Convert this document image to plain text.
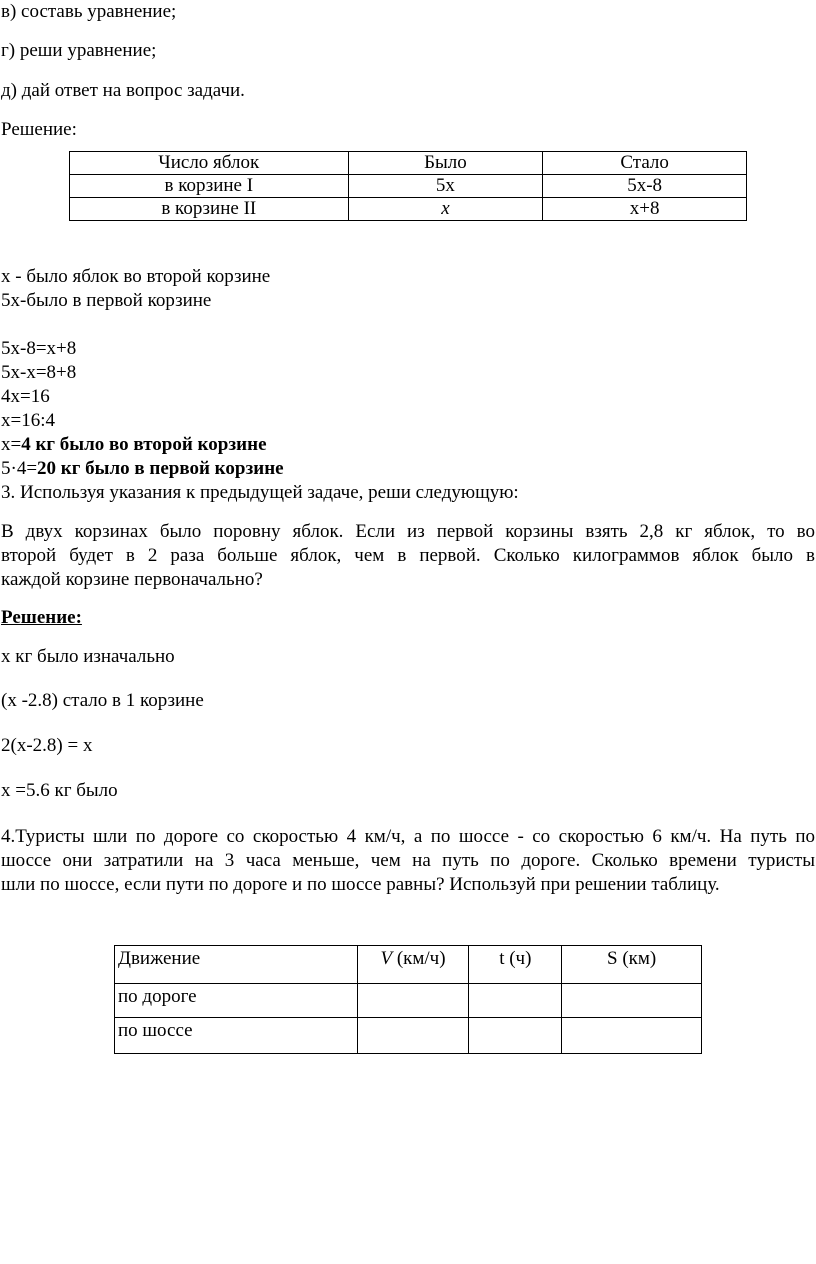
в) составь уравнение;
г) реши уравнение;
д) дай ответ на вопрос задачи.
Решение:
Число яблок	Было	Стало
в корзине I	5х	5х-8
в корзине II	х	х+8
х - было яблок во второй корзине
5х-было в первой корзине
5х-8=х+8
5х-х=8+8
4х=16
х=16:4
х=4 кг было во второй корзине
5·4=20 кг было в первой корзине
3. Используя указания к предыдущей задаче, реши следующую:
В двух корзинах было поровну яблок. Если из первой корзины взять 2,8 кг яблок, то во
второй будет в 2 раза больше яблок, чем в первой. Сколько килограммов яблок было в
каждой корзине первоначально?
Решение:
х кг было изначально
(х -2.8) стало в 1 корзине
2(х-2.8) = х
х =5.6 кг было
4.Туристы шли по дороге со скоростью 4 км/ч, а по шоссе - со скоростью 6 км/ч. На путь по
шоссе они затратили на 3 часа меньше, чем на путь по дороге. Сколько времени туристы
шли по шоссе, если пути по дороге и по шоссе равны? Используй при решении таблицу.
Движение	V (км/ч)	t (ч)	S (км)
по дороге			
по шоссе			
